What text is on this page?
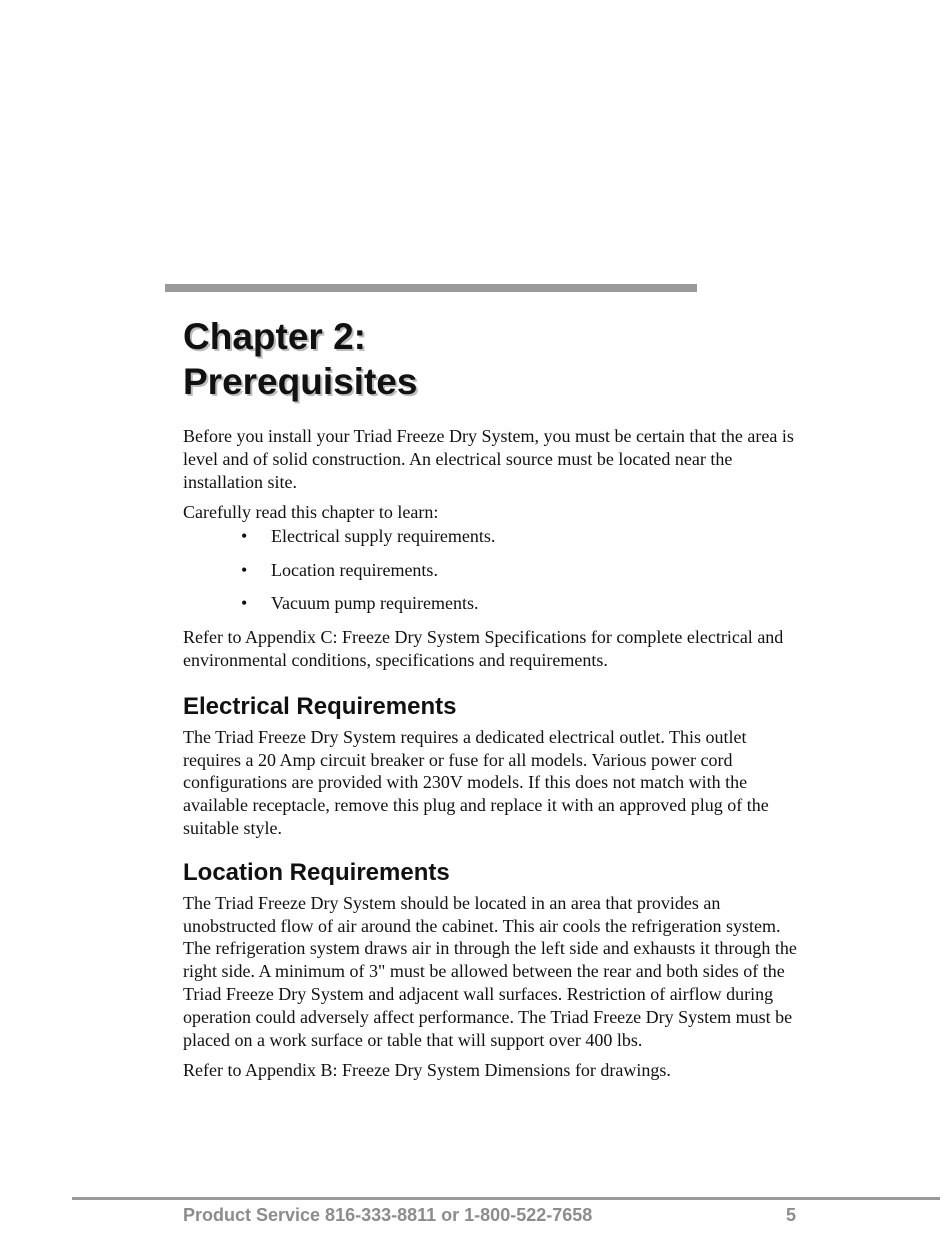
Chapter 2:
Prerequisites

Before you install your Triad Freeze Dry System, you must be certain that the area is level and of solid construction. An electrical source must be located near the installation site.

Carefully read this chapter to learn:

• Electrical supply requirements.
• Location requirements.
• Vacuum pump requirements.

Refer to Appendix C: Freeze Dry System Specifications for complete electrical and environmental conditions, specifications and requirements.

Electrical Requirements

The Triad Freeze Dry System requires a dedicated electrical outlet. This outlet requires a 20 Amp circuit breaker or fuse for all models. Various power cord configurations are provided with 230V models. If this does not match with the available receptacle, remove this plug and replace it with an approved plug of the suitable style.

Location Requirements

The Triad Freeze Dry System should be located in an area that provides an unobstructed flow of air around the cabinet. This air cools the refrigeration system. The refrigeration system draws air in through the left side and exhausts it through the right side. A minimum of 3" must be allowed between the rear and both sides of the Triad Freeze Dry System and adjacent wall surfaces. Restriction of airflow during operation could adversely affect performance. The Triad Freeze Dry System must be placed on a work surface or table that will support over 400 lbs.

Refer to Appendix B: Freeze Dry System Dimensions for drawings.

Product Service 816-333-8811 or 1-800-522-7658	5
